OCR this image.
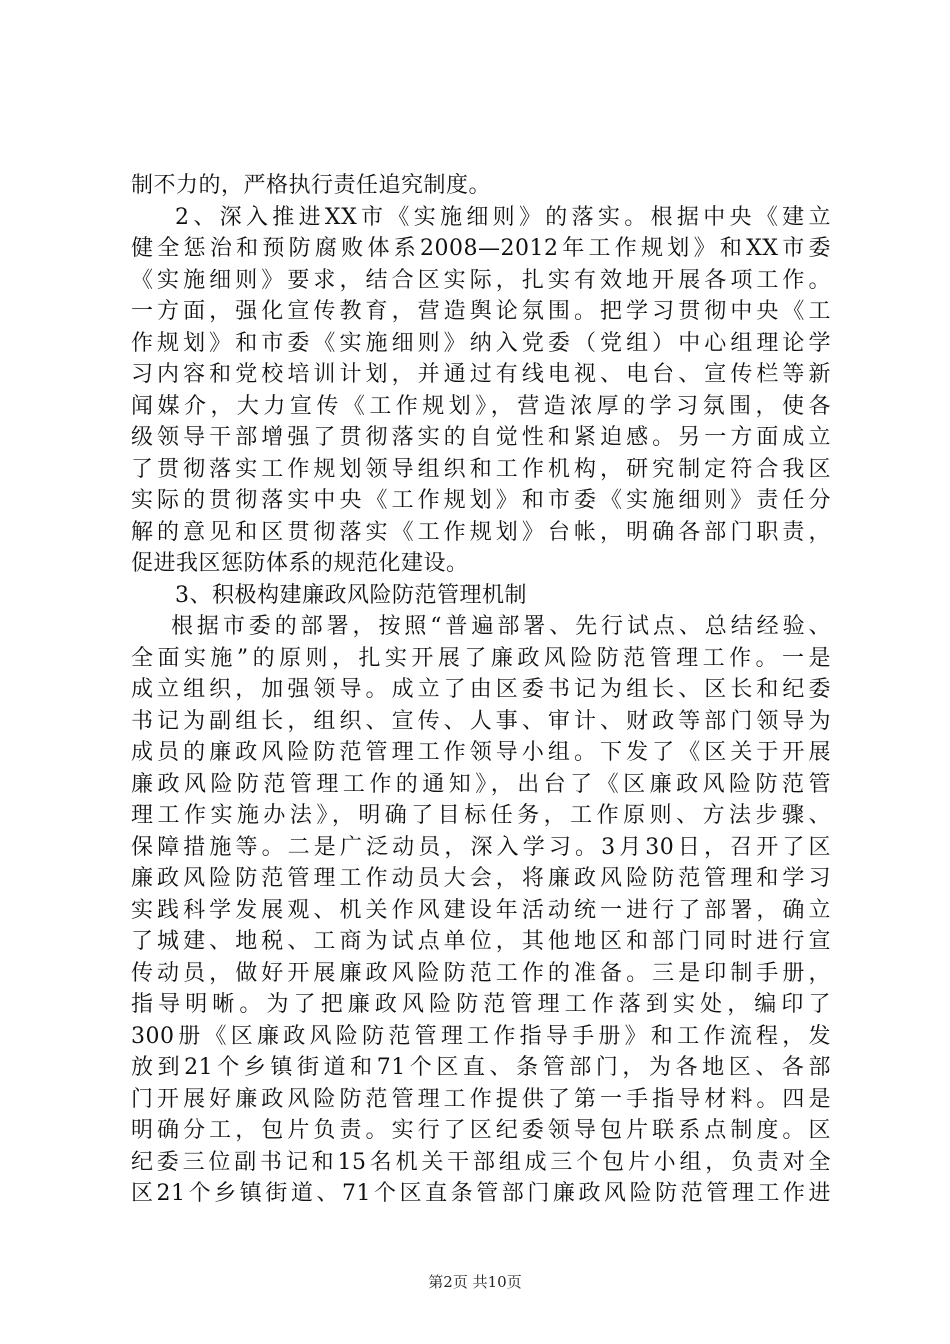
制不力的，严格执行责任追究制度。
2、深入推进XX市《实施细则》的落实。根据中央《建立
健全惩治和预防腐败体系2008—2012年工作规划》和XX市委
《实施细则》要求，结合区实际，扎实有效地开展各项工作。
一方面，强化宣传教育，营造舆论氛围。把学习贯彻中央《工
作规划》和市委《实施细则》纳入党委（党组）中心组理论学
习内容和党校培训计划，并通过有线电视、电台、宣传栏等新
闻媒介，大力宣传《工作规划》，营造浓厚的学习氛围，使各
级领导干部增强了贯彻落实的自觉性和紧迫感。另一方面成立
了贯彻落实工作规划领导组织和工作机构，研究制定符合我区
实际的贯彻落实中央《工作规划》和市委《实施细则》责任分
解的意见和区贯彻落实《工作规划》台帐，明确各部门职责，
促进我区惩防体系的规范化建设。
3、积极构建廉政风险防范管理机制
根据市委的部署，按照“普遍部署、先行试点、总结经验、
全面实施”的原则，扎实开展了廉政风险防范管理工作。一是
成立组织，加强领导。成立了由区委书记为组长、区长和纪委
书记为副组长，组织、宣传、人事、审计、财政等部门领导为
成员的廉政风险防范管理工作领导小组。下发了《区关于开展
廉政风险防范管理工作的通知》，出台了《区廉政风险防范管
理工作实施办法》，明确了目标任务，工作原则、方法步骤、
保障措施等。二是广泛动员，深入学习。3月30日，召开了区
廉政风险防范管理工作动员大会，将廉政风险防范管理和学习
实践科学发展观、机关作风建设年活动统一进行了部署，确立
了城建、地税、工商为试点单位，其他地区和部门同时进行宣
传动员，做好开展廉政风险防范工作的准备。三是印制手册，
指导明晰。为了把廉政风险防范管理工作落到实处，编印了
300册《区廉政风险防范管理工作指导手册》和工作流程，发
放到21个乡镇街道和71个区直、条管部门，为各地区、各部
门开展好廉政风险防范管理工作提供了第一手指导材料。四是
明确分工，包片负责。实行了区纪委领导包片联系点制度。区
纪委三位副书记和15名机关干部组成三个包片小组，负责对全
区21个乡镇街道、71个区直条管部门廉政风险防范管理工作进
第2页 共10页
